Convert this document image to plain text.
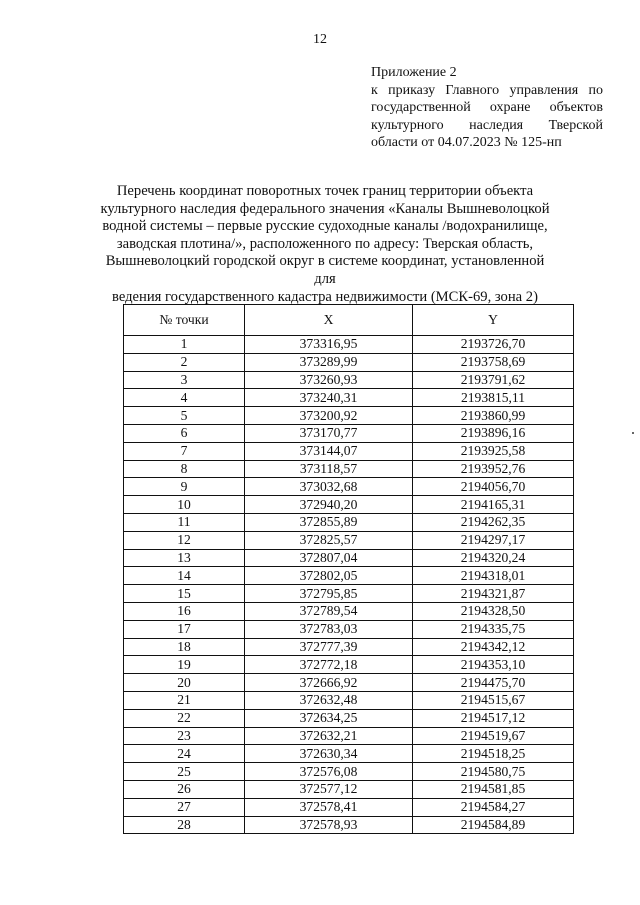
12
Приложение 2
к приказу Главного управления по
государственной охране объектов
культурного наследия Тверской
области от 04.07.2023 № 125-нп
Перечень координат поворотных точек границ территории объекта
культурного наследия федерального значения «Каналы Вышневолоцкой
водной системы – первые русские судоходные каналы /водохранилище,
заводская плотина/», расположенного по адресу: Тверская область,
Вышневолоцкий городской округ в системе координат, установленной для
ведения государственного кадастра недвижимости (МСК-69, зона 2)
№ точки	X	Y
1	373316,95	2193726,70
2	373289,99	2193758,69
3	373260,93	2193791,62
4	373240,31	2193815,11
5	373200,92	2193860,99
6	373170,77	2193896,16
7	373144,07	2193925,58
8	373118,57	2193952,76
9	373032,68	2194056,70
10	372940,20	2194165,31
11	372855,89	2194262,35
12	372825,57	2194297,17
13	372807,04	2194320,24
14	372802,05	2194318,01
15	372795,85	2194321,87
16	372789,54	2194328,50
17	372783,03	2194335,75
18	372777,39	2194342,12
19	372772,18	2194353,10
20	372666,92	2194475,70
21	372632,48	2194515,67
22	372634,25	2194517,12
23	372632,21	2194519,67
24	372630,34	2194518,25
25	372576,08	2194580,75
26	372577,12	2194581,85
27	372578,41	2194584,27
28	372578,93	2194584,89
